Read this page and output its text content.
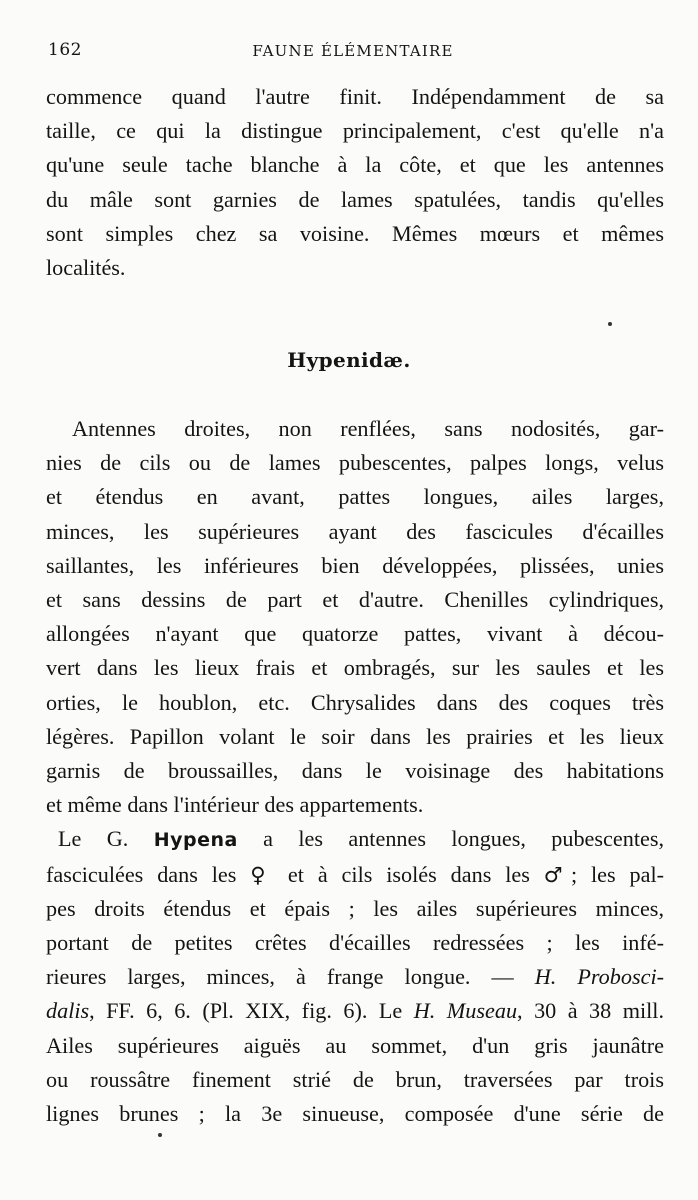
162	FAUNE ÉLÉMENTAIRE
commence quand l'autre finit. Indépendamment de sa
taille, ce qui la distingue principalement, c'est qu'elle n'a
qu'une seule tache blanche à la côte, et que les antennes
du mâle sont garnies de lames spatulées, tandis qu'elles
sont simples chez sa voisine. Mêmes mœurs et mêmes
localités.
Hypenidæ.
Antennes droites, non renflées, sans nodosités, gar-
nies de cils ou de lames pubescentes, palpes longs, velus
et étendus en avant, pattes longues, ailes larges,
minces, les supérieures ayant des fascicules d'écailles
saillantes, les inférieures bien développées, plissées, unies
et sans dessins de part et d'autre. Chenilles cylindriques,
allongées n'ayant que quatorze pattes, vivant à décou-
vert dans les lieux frais et ombragés, sur les saules et les
orties, le houblon, etc. Chrysalides dans des coques très
légères. Papillon volant le soir dans les prairies et les lieux
garnis de broussailles, dans le voisinage des habitations
et même dans l'intérieur des appartements.
Le G. Hypena a les antennes longues, pubescentes,
fasciculées dans les ♀ et à cils isolés dans les ♂; les pal-
pes droits étendus et épais ; les ailes supérieures minces,
portant de petites crêtes d'écailles redressées ; les infé-
rieures larges, minces, à frange longue. — H. Probosci-
dalis, FF. 6, 6. (Pl. XIX, fig. 6). Le H. Museau, 30 à 38 mill.
Ailes supérieures aiguës au sommet, d'un gris jaunâtre
ou roussâtre finement strié de brun, traversées par trois
lignes brunes ; la 3e sinueuse, composée d'une série de
